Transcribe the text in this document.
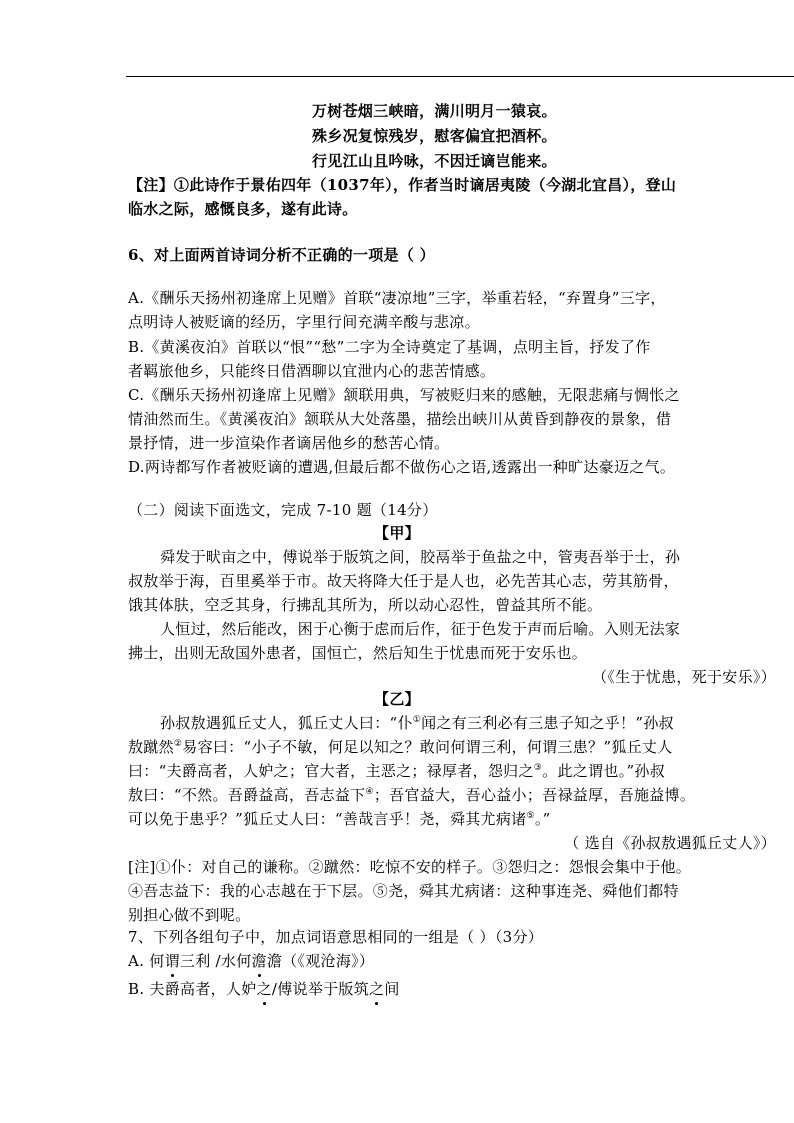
万树苍烟三峡暗，满川明月一猿哀。
殊乡况复惊残岁，慰客偏宜把酒杯。
行见江山且吟咏，不因迁谪岂能来。
【注】①此诗作于景佑四年（1037年），作者当时谪居夷陵（今湖北宜昌），登山
临水之际，感慨良多，遂有此诗。
6、对上面两首诗词分析不正确的一项是（ ）
A.《酬乐天扬州初逢席上见赠》首联“凄凉地”三字，举重若轻，“弃置身”三字，
点明诗人被贬谪的经历，字里行间充满辛酸与悲凉。
B.《黄溪夜泊》首联以“恨”“愁”二字为全诗奠定了基调，点明主旨，抒发了作
者羁旅他乡，只能终日借酒聊以宜泄内心的悲苦情感。
C.《酬乐天扬州初逢席上见赠》颔联用典，写被贬归来的感触，无限悲痛与惆怅之
情油然而生。《黄溪夜泊》颔联从大处落墨，描绘出峡川从黄昏到静夜的景象，借
景抒情，进一步渲染作者谪居他乡的愁苦心情。
D.两诗都写作者被贬谪的遭遇,但最后都不做伤心之语,透露出一种旷达豪迈之气。
（二）阅读下面选文，完成 7-10 题（14分）
【甲】
舜发于畎亩之中，傅说举于版筑之间，胶鬲举于鱼盐之中，管夷吾举于士，孙
叔敖举于海，百里奚举于市。故天将降大任于是人也，必先苦其心志，劳其筋骨，
饿其体肤，空乏其身，行拂乱其所为，所以动心忍性，曾益其所不能。
人恒过，然后能改，困于心衡于虑而后作，征于色发于声而后喻。入则无法家
拂士，出则无敌国外患者，国恒亡，然后知生于忧患而死于安乐也。
（《生于忧患，死于安乐》）
【乙】
孙叔敖遇狐丘丈人，狐丘丈人曰：“仆①闻之有三利必有三患子知之乎！”孙叔
敖蹴然②易容曰：“小子不敏，何足以知之？敢问何谓三利，何谓三患？”狐丘丈人
曰：“夫爵高者，人妒之；官大者，主恶之；禄厚者，怨归之③。此之谓也。”孙叔
敖曰：“不然。吾爵益高，吾志益下④；吾官益大，吾心益小；吾禄益厚，吾施益博。
可以免于患乎？”狐丘丈人曰：“善哉言乎！尧，舜其尤病诸⑤。”
（ 选自《孙叔敖遇狐丘丈人》）
[注]①仆：对自己的谦称。②蹴然：吃惊不安的样子。③怨归之：怨恨会集中于他。
④吾志益下：我的心志越在于下层。⑤尧，舜其尤病诸：这种事连尧、舜他们都特
别担心做不到呢。
7、下列各组句子中，加点词语意思相同的一组是（ ）（3分）
A. 何谓三利 /水何澹澹（《观沧海》）
B. 夫爵高者，人妒之/傅说举于版筑之间
